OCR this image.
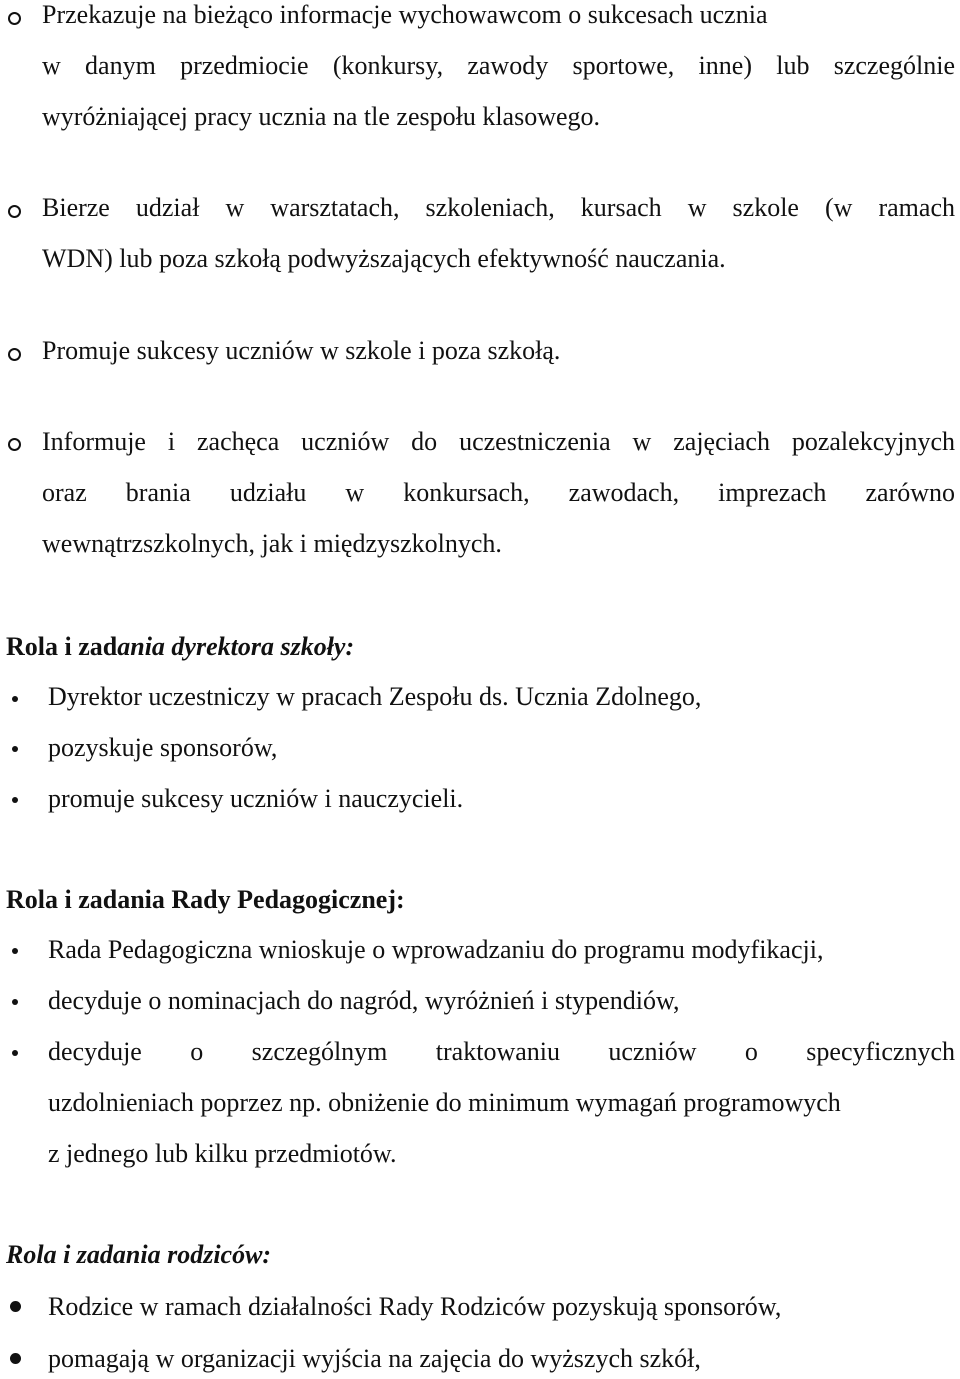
Przekazuje na bieżąco informacje wychowawcom o sukcesach ucznia
w danym przedmiocie (konkursy, zawody sportowe, inne) lub szczególnie
wyróżniającej pracy ucznia na tle zespołu klasowego.
Bierze udział w warsztatach, szkoleniach, kursach w szkole (w ramach
WDN) lub poza szkołą podwyższających efektywność nauczania.
Promuje sukcesy uczniów w szkole i poza szkołą.
Informuje i zachęca uczniów do uczestniczenia w zajęciach pozalekcyjnych
oraz brania udziału w konkursach, zawodach, imprezach zarówno
wewnątrzszkolnych, jak i międzyszkolnych.
Rola i zadania dyrektora szkoły:
Dyrektor uczestniczy w pracach Zespołu ds. Ucznia Zdolnego,
pozyskuje sponsorów,
promuje sukcesy uczniów i nauczycieli.
Rola i zadania Rady Pedagogicznej:
Rada Pedagogiczna wnioskuje o wprowadzaniu do programu modyfikacji,
decyduje o nominacjach do nagród, wyróżnień i stypendiów,
decyduje o szczególnym traktowaniu uczniów o specyficznych
uzdolnieniach poprzez np. obniżenie do minimum wymagań programowych
z jednego lub kilku przedmiotów.
Rola i zadania rodziców:
Rodzice w ramach działalności Rady Rodziców pozyskują sponsorów,
pomagają w organizacji wyjścia na zajęcia do wyższych szkół,
